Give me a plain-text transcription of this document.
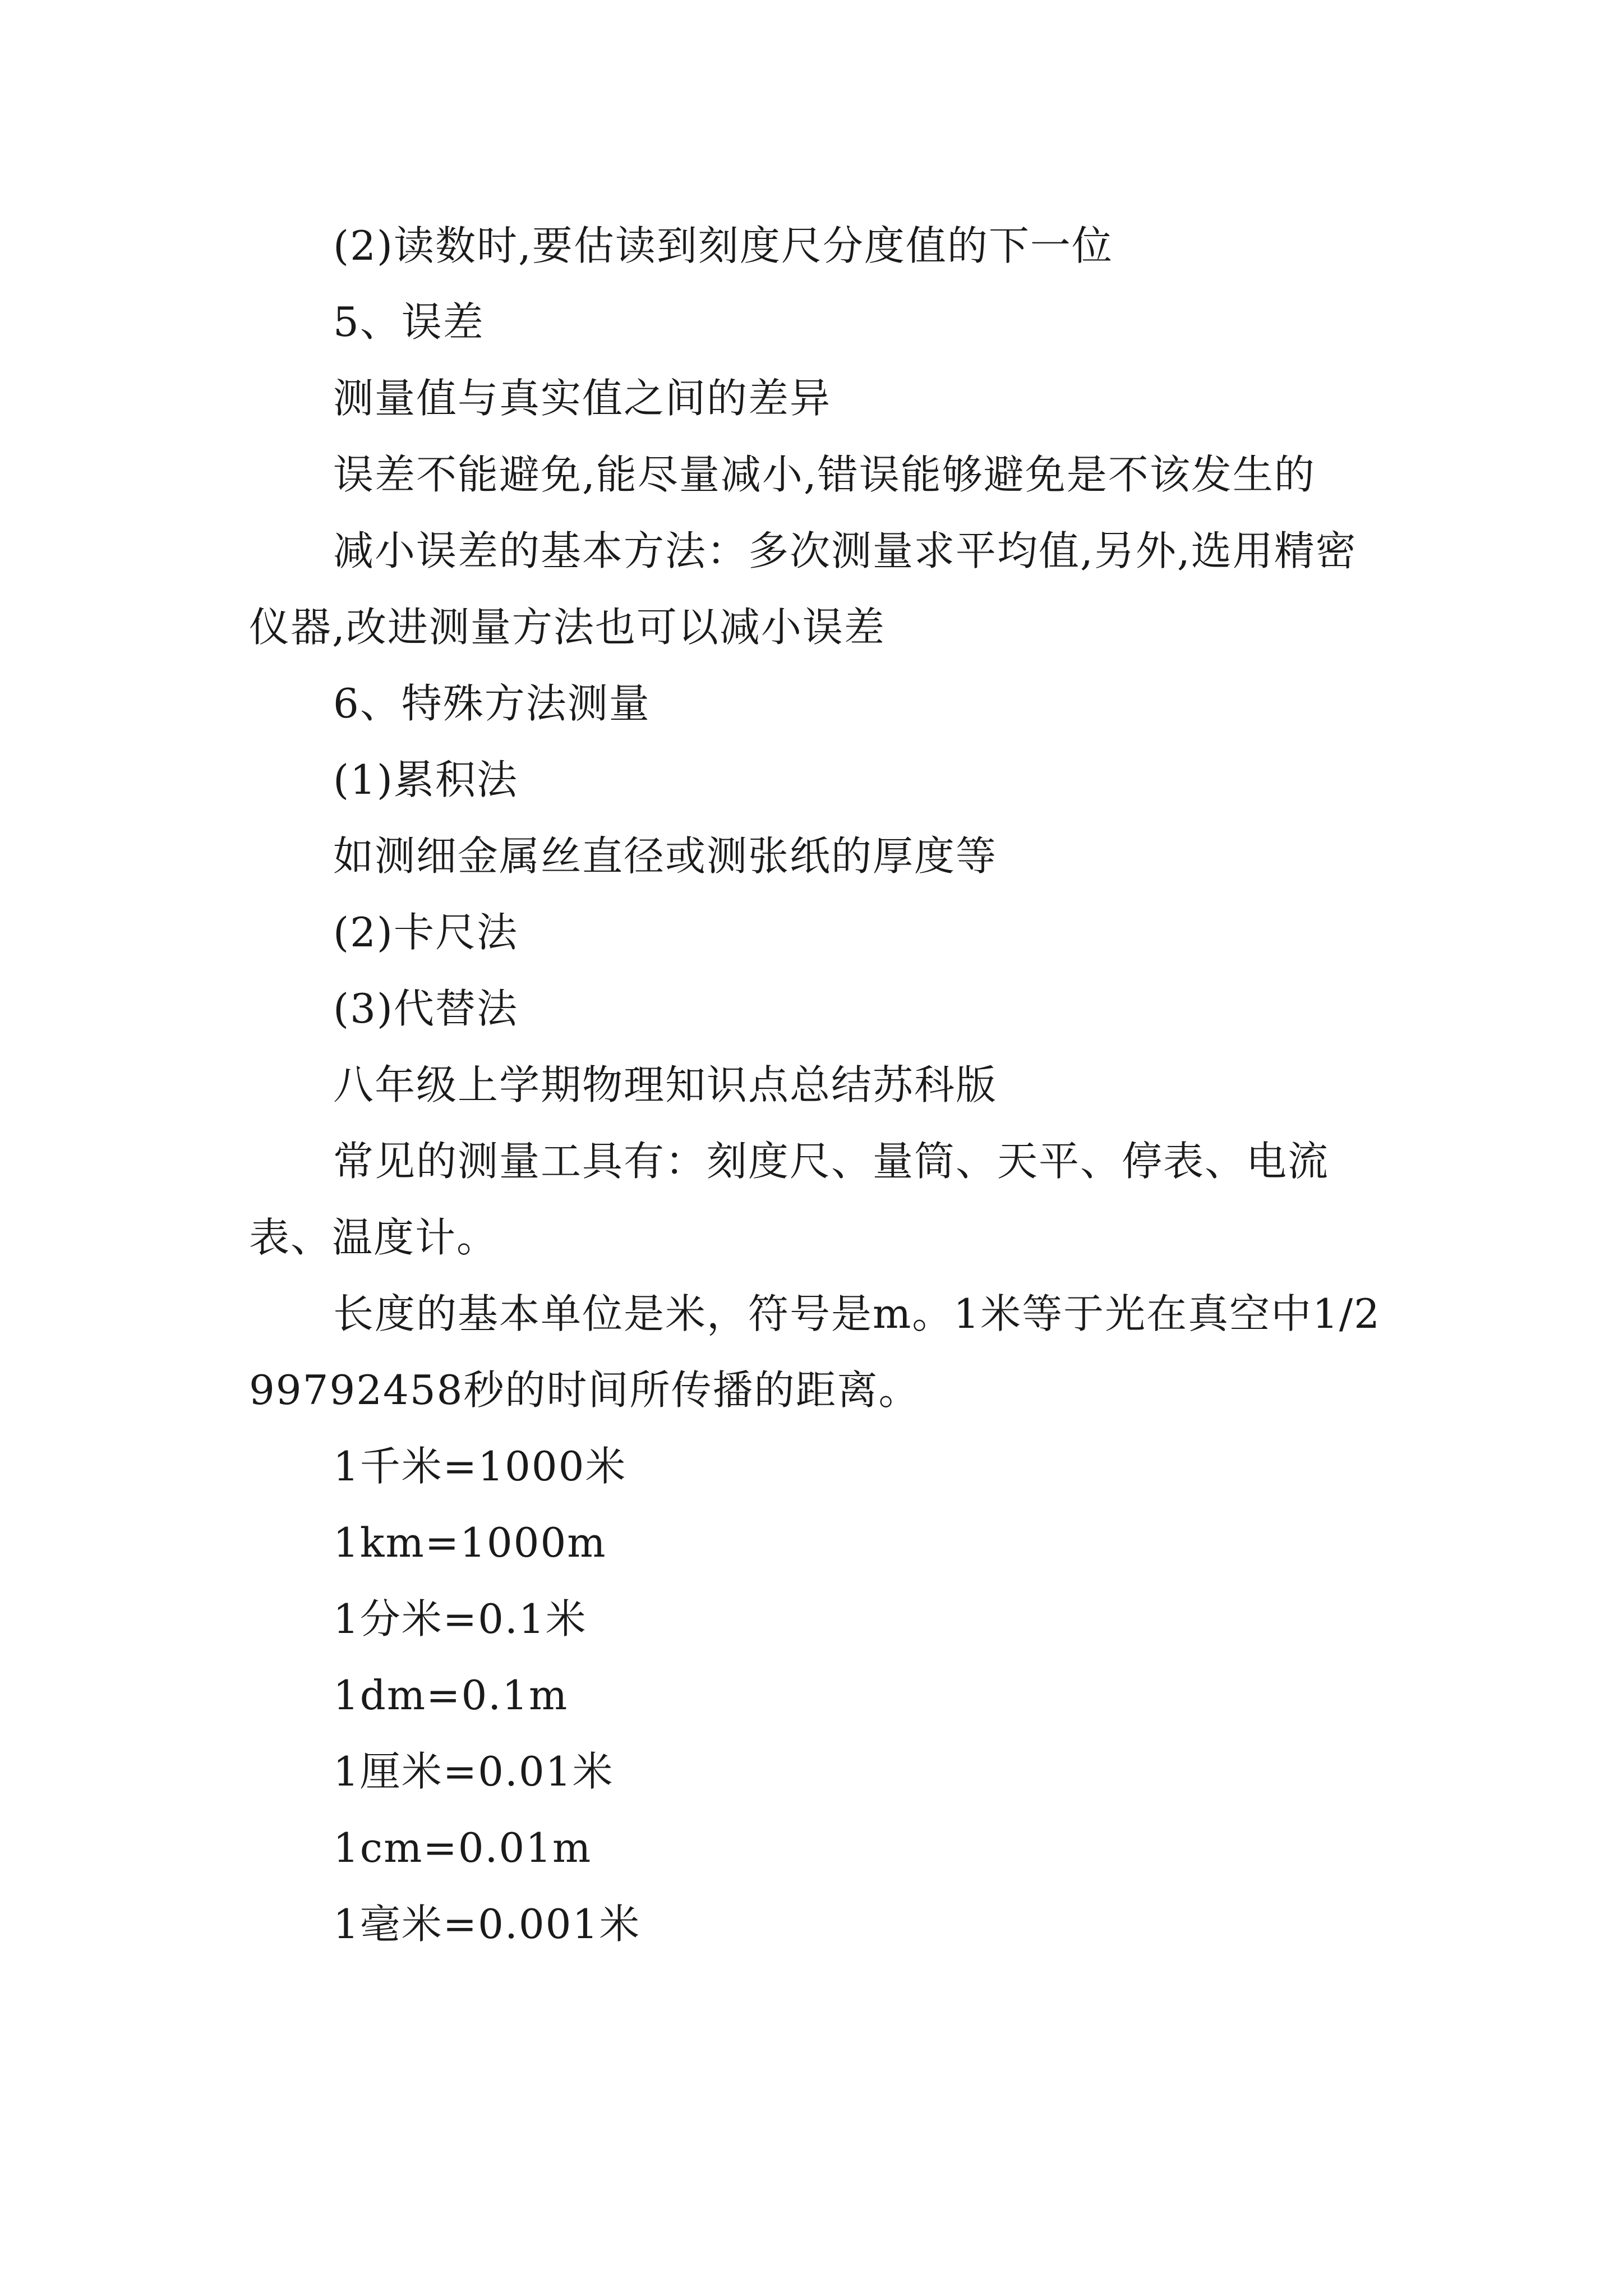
(2)读数时,要估读到刻度尺分度值的下一位

5、误差

测量值与真实值之间的差异

误差不能避免,能尽量减小,错误能够避免是不该发生的

减小误差的基本方法：多次测量求平均值,另外,选用精密仪器,改进测量方法也可以减小误差

6、特殊方法测量

(1)累积法

如测细金属丝直径或测张纸的厚度等

(2)卡尺法

(3)代替法

八年级上学期物理知识点总结苏科版

常见的测量工具有：刻度尺、量筒、天平、停表、电流表、温度计。

长度的基本单位是米，符号是m。1米等于光在真空中1/299792458秒的时间所传播的距离。

1千米=1000米

1km=1000m

1分米=0.1米

1dm=0.1m

1厘米=0.01米

1cm=0.01m

1毫米=0.001米
